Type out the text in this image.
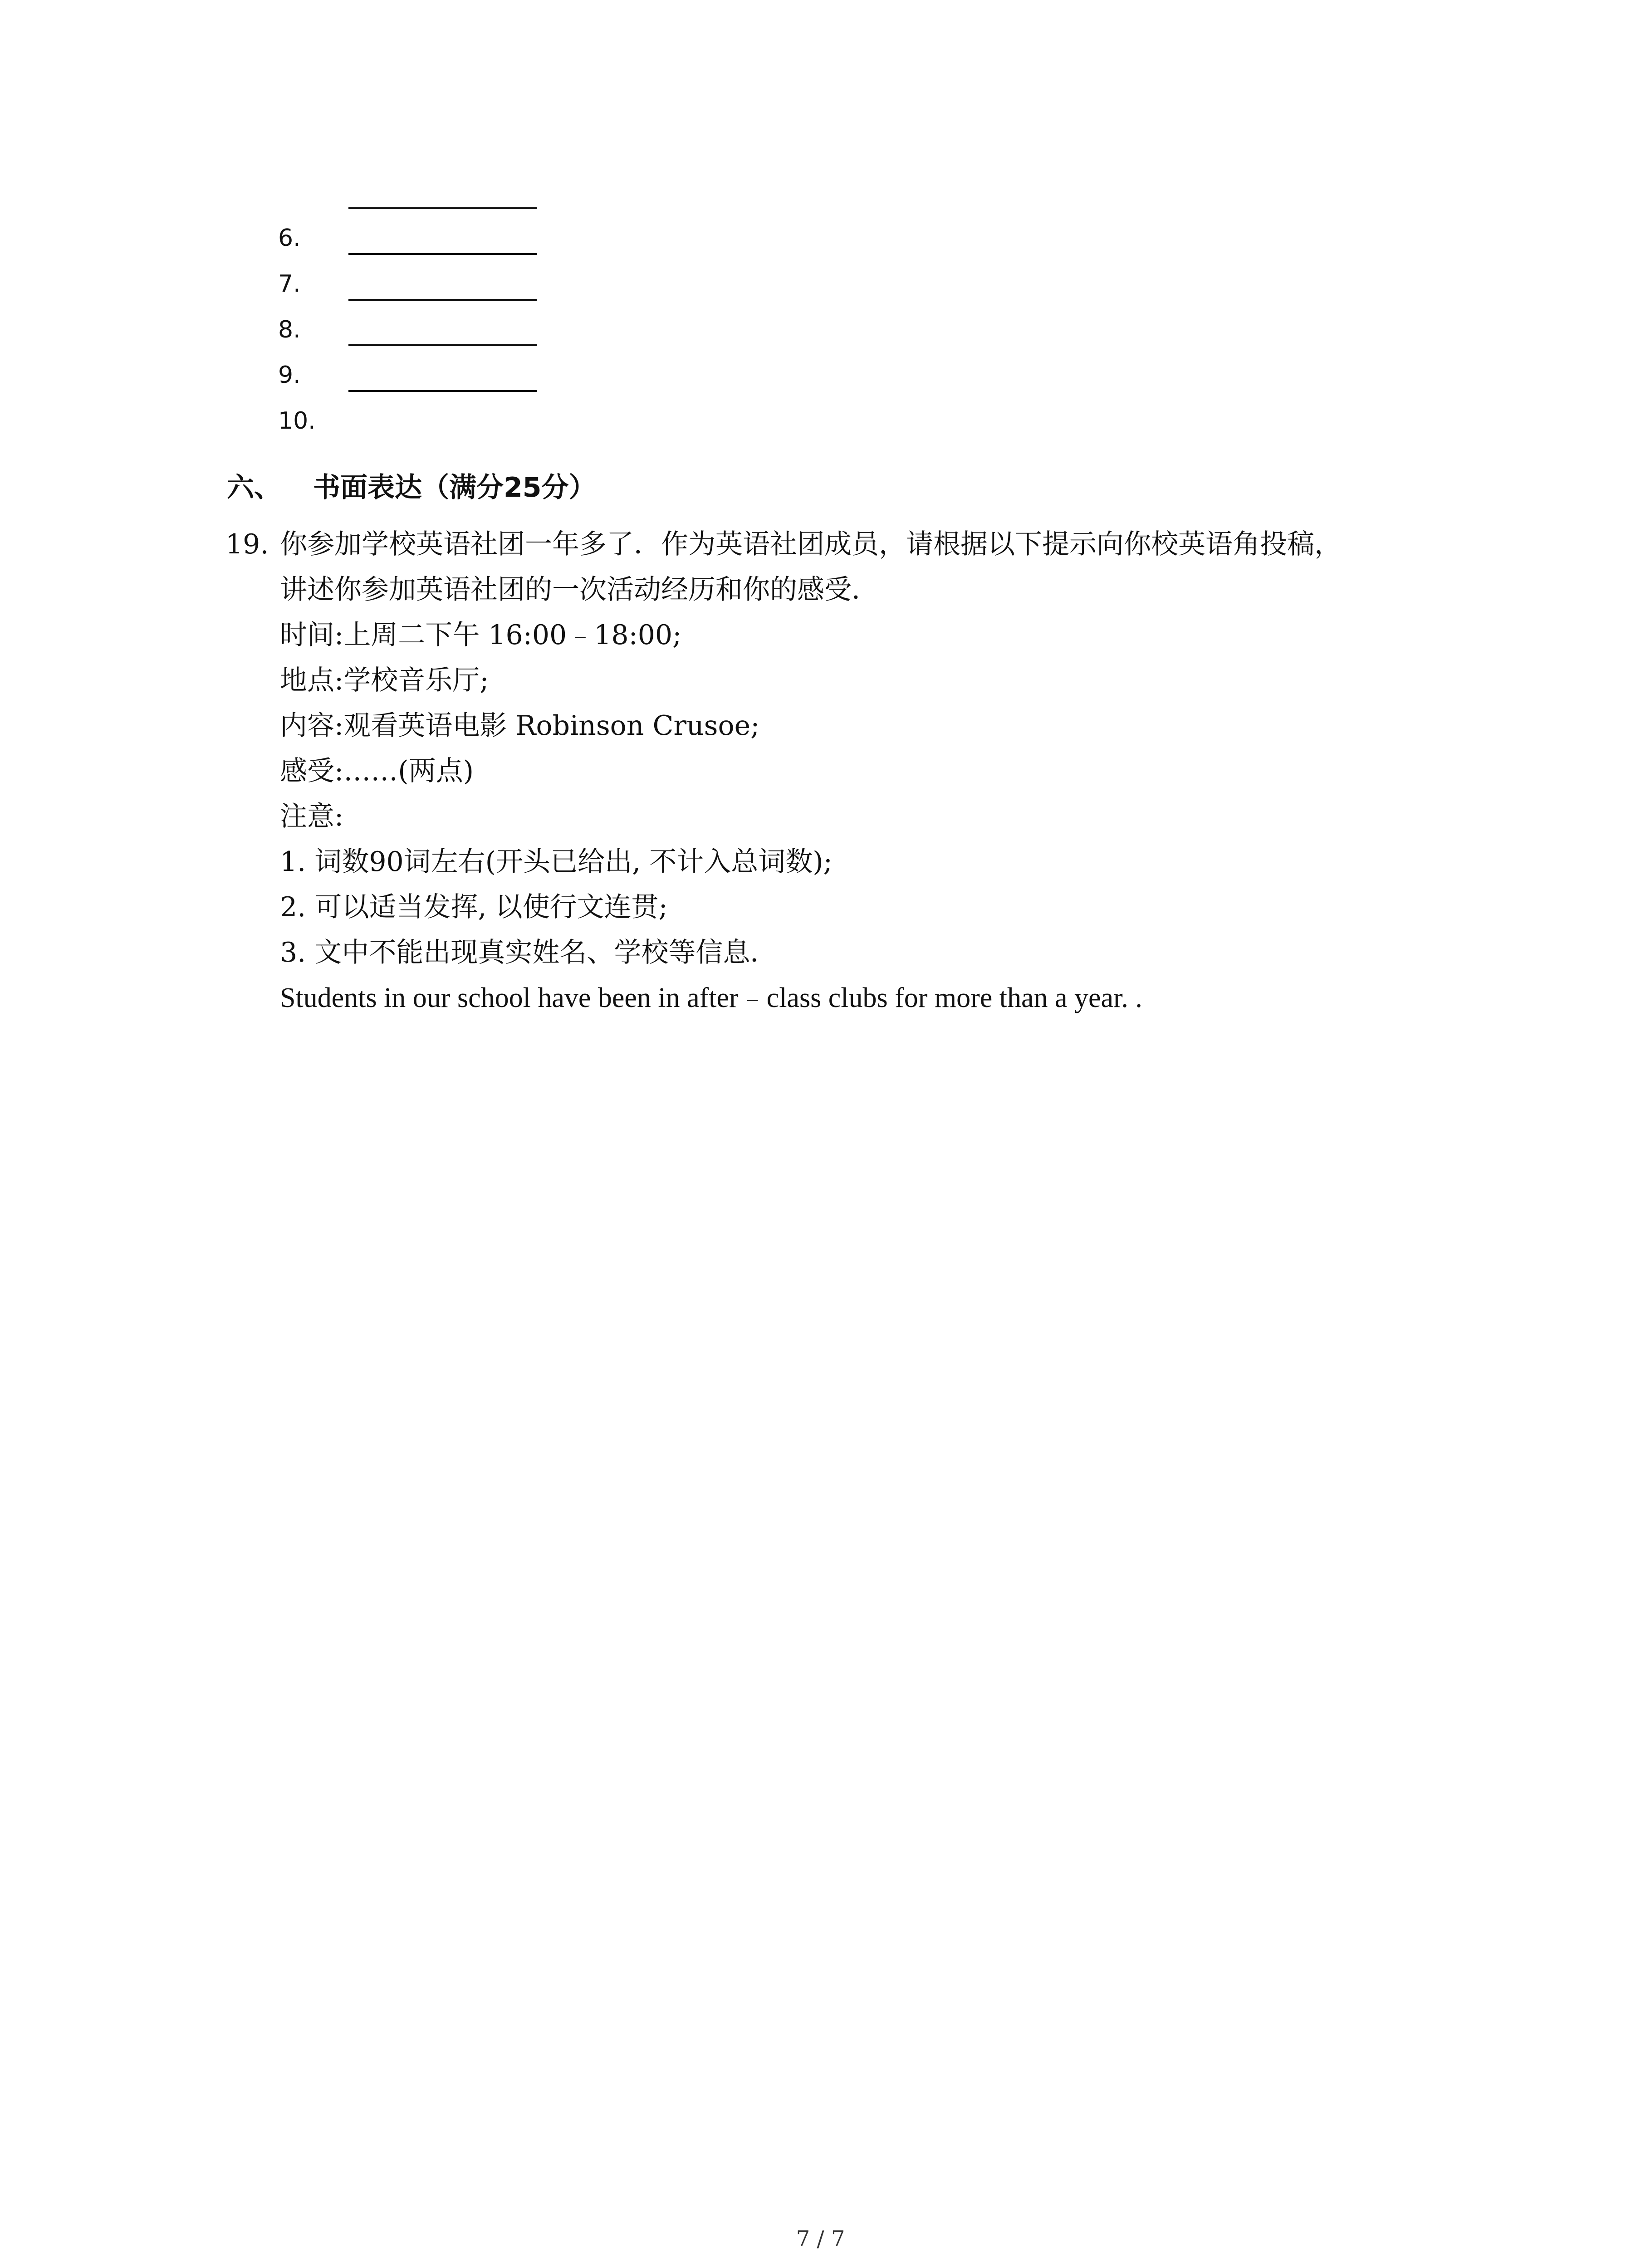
6.
7.
8.
9.
10.
六、 书面表达（满分25分）
19. 你参加学校英语社团一年多了．作为英语社团成员，请根据以下提示向你校英语角投稿，
讲述你参加英语社团的一次活动经历和你的感受．
时间:上周二下午 16:00﹣18:00;
地点:学校音乐厅;
内容:观看英语电影 Robinson Crusoe;
感受:……(两点)
注意:
1. 词数90词左右(开头已给出, 不计入总词数);
2. 可以适当发挥, 以使行文连贯;
3. 文中不能出现真实姓名、学校等信息．
Students in our school have been in after﹣class clubs for more than a year. .
7 / 7
